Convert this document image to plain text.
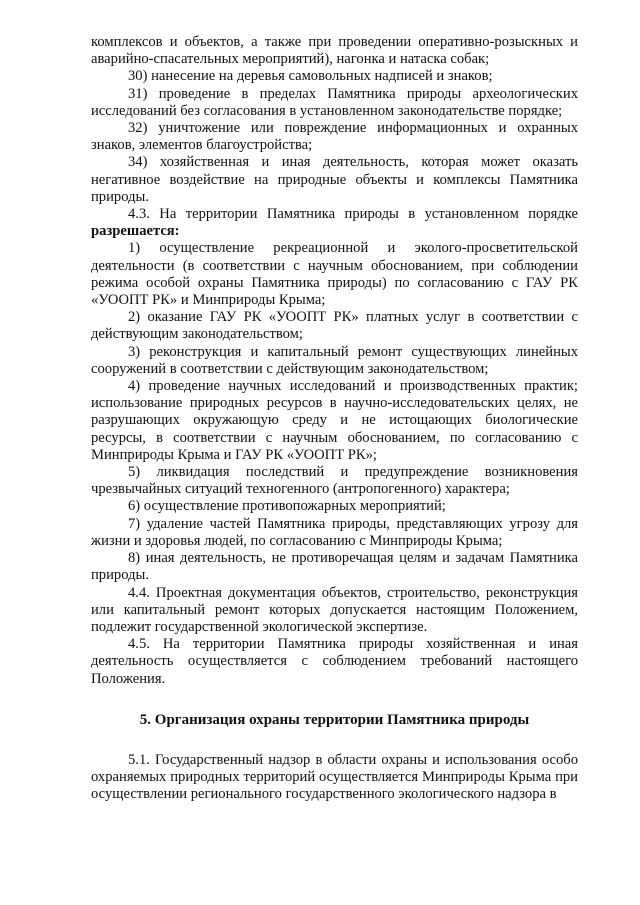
комплексов и объектов, а также при проведении оперативно-розыскных и аварийно-спасательных мероприятий), нагонка и натаска собак;

30) нанесение на деревья самовольных надписей и знаков;

31) проведение в пределах Памятника природы археологических исследований без согласования в установленном законодательстве порядке;

32) уничтожение или повреждение информационных и охранных знаков, элементов благоустройства;

34) хозяйственная и иная деятельность, которая может оказать негативное воздействие на природные объекты и комплексы Памятника природы.

4.3. На территории Памятника природы в установленном порядке разрешается:

1) осуществление рекреационной и эколого-просветительской деятельности (в соответствии с научным обоснованием, при соблюдении режима особой охраны Памятника природы) по согласованию с ГАУ РК «УООПТ РК» и Минприроды Крыма;

2) оказание ГАУ РК «УООПТ РК» платных услуг в соответствии с действующим законодательством;

3) реконструкция и капитальный ремонт существующих линейных сооружений в соответствии с действующим законодательством;

4) проведение научных исследований и производственных практик; использование природных ресурсов в научно-исследовательских целях, не разрушающих окружающую среду и не истощающих биологические ресурсы, в соответствии с научным обоснованием, по согласованию с Минприроды Крыма и ГАУ РК «УООПТ РК»;

5) ликвидация последствий и предупреждение возникновения чрезвычайных ситуаций техногенного (антропогенного) характера;

6) осуществление противопожарных мероприятий;

7) удаление частей Памятника природы, представляющих угрозу для жизни и здоровья людей, по согласованию с Минприроды Крыма;

8) иная деятельность, не противоречащая целям и задачам Памятника природы.

4.4. Проектная документация объектов, строительство, реконструкция или капитальный ремонт которых допускается настоящим Положением, подлежит государственной экологической экспертизе.

4.5. На территории Памятника природы хозяйственная и иная деятельность осуществляется с соблюдением требований настоящего Положения.

5. Организация охраны территории Памятника природы

5.1. Государственный надзор в области охраны и использования особо охраняемых природных территорий осуществляется Минприроды Крыма при осуществлении регионального государственного экологического надзора в
